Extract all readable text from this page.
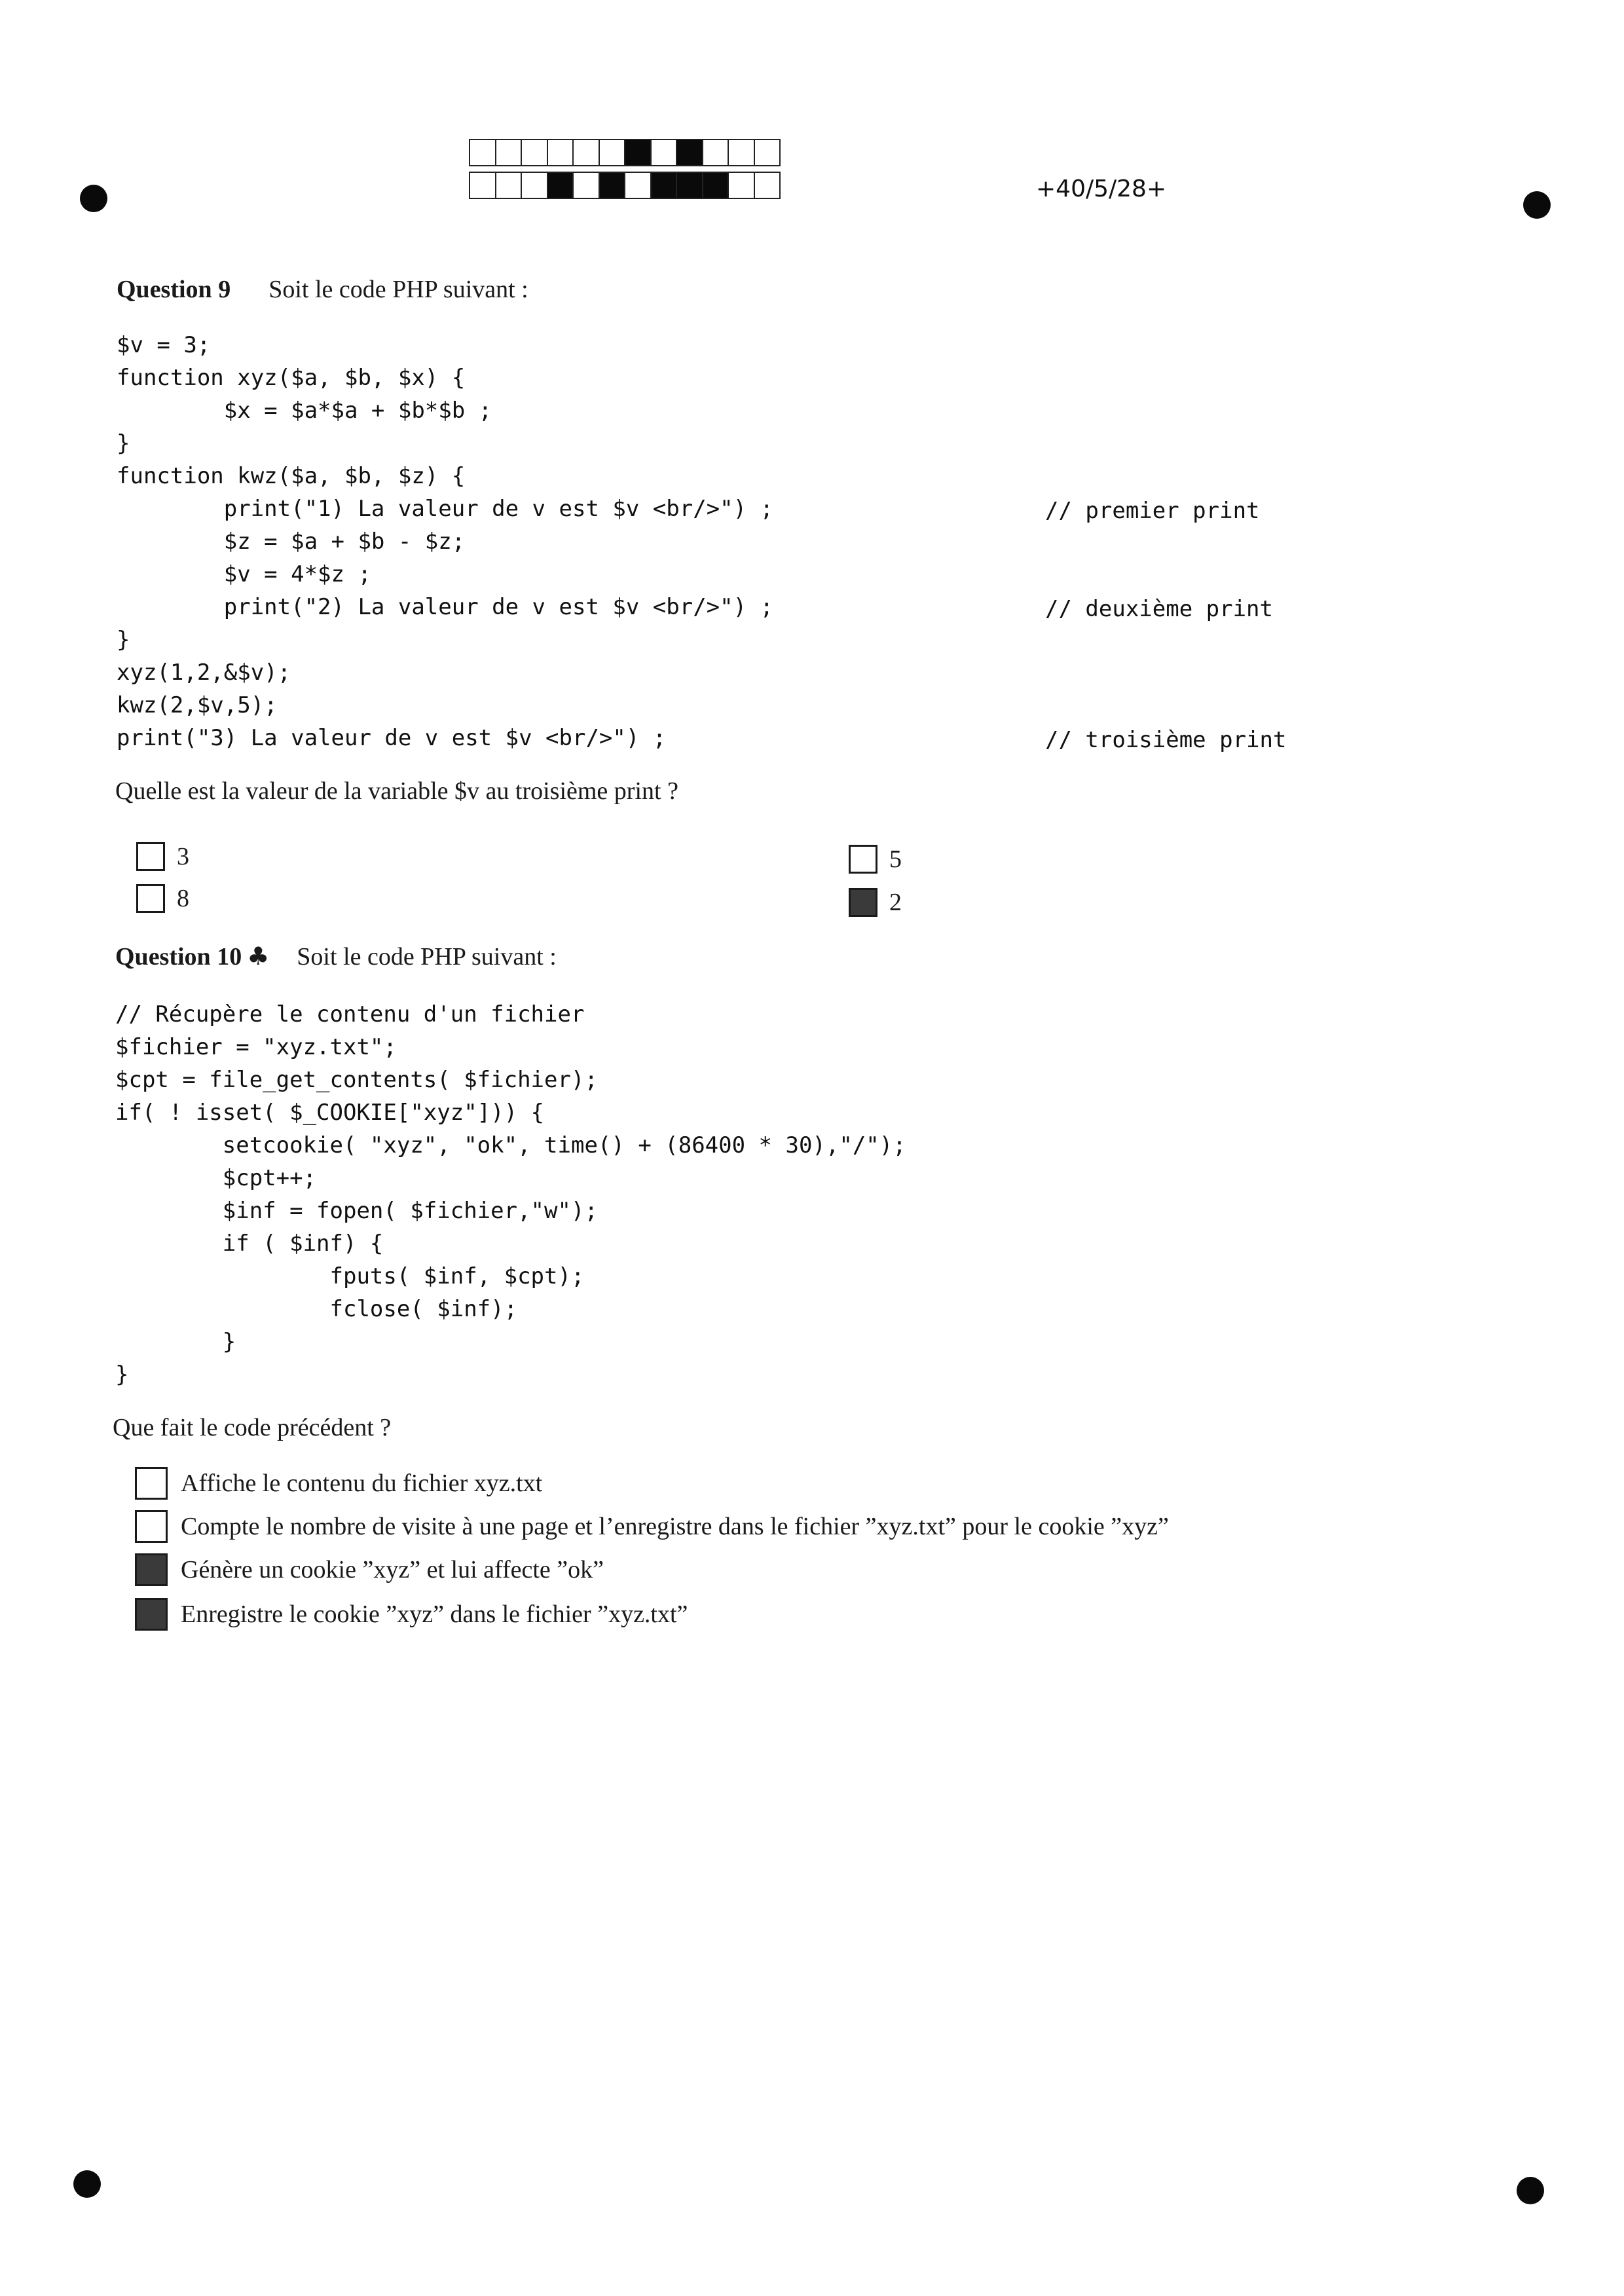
+40/5/28+
Question 9 Soit le code PHP suivant :
$v = 3;
function xyz($a, $b, $x) {
$x = $a*$a + $b*$b ;
}
function kwz($a, $b, $z) {
print("1) La valeur de v est $v <br/>") ;
$z = $a + $b - $z;
$v = 4*$z ;
print("2) La valeur de v est $v <br/>") ;
}
xyz(1,2,&$v);
kwz(2,$v,5);
print("3) La valeur de v est $v <br/>") ;
// premier print
// deuxième print
// troisième print
Quelle est la valeur de la variable $v au troisième print ?
3
8
5
2
Question 10 ♣ Soit le code PHP suivant :
// Récupère le contenu d'un fichier
$fichier = "xyz.txt";
$cpt = file_get_contents( $fichier);
if( ! isset( $_COOKIE["xyz"])) {
setcookie( "xyz", "ok", time() + (86400 * 30),"/");
$cpt++;
$inf = fopen( $fichier,"w");
if ( $inf) {
fputs( $inf, $cpt);
fclose( $inf);
}
}
Que fait le code précédent ?
Affiche le contenu du fichier xyz.txt
Compte le nombre de visite à une page et l’enregistre dans le fichier ”xyz.txt” pour le cookie ”xyz”
Génère un cookie ”xyz” et lui affecte ”ok”
Enregistre le cookie ”xyz” dans le fichier ”xyz.txt”
